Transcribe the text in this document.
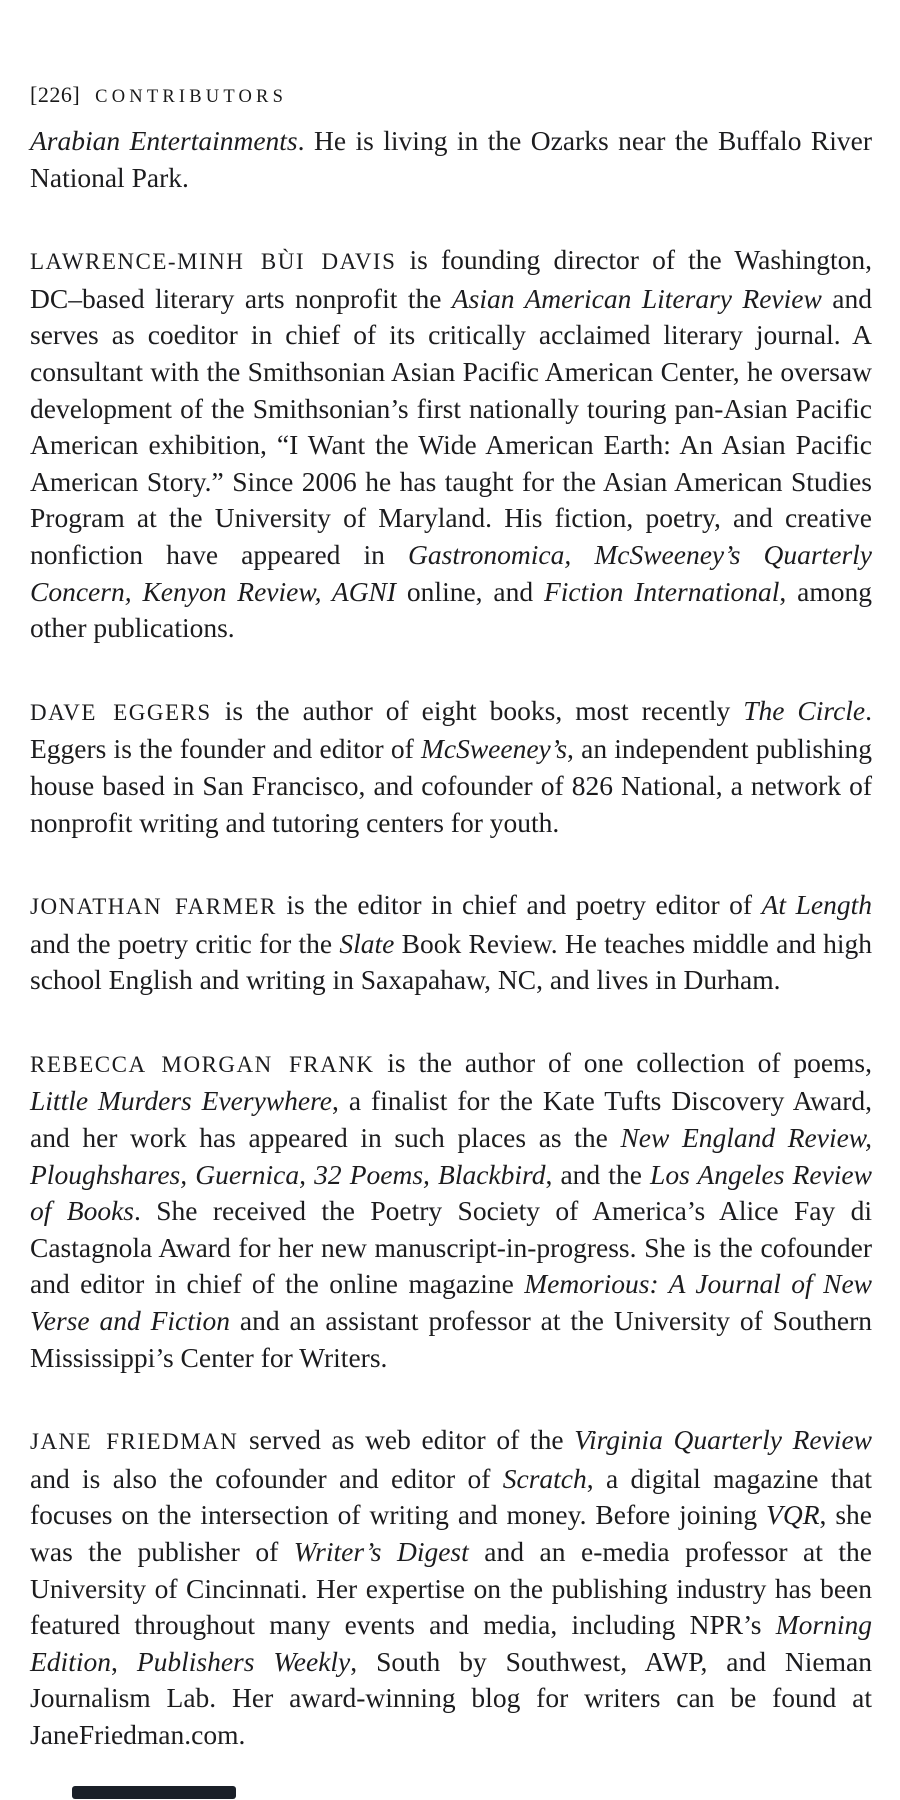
[226] CONTRIBUTORS

Arabian Entertainments. He is living in the Ozarks near the Buffalo River National Park.

LAWRENCE-MINH BÙI DAVIS is founding director of the Washington, DC–based literary arts nonprofit the Asian American Literary Review and serves as coeditor in chief of its critically acclaimed literary journal. A consultant with the Smithsonian Asian Pacific American Center, he oversaw development of the Smithsonian’s first nationally touring pan-Asian Pacific American exhibition, “I Want the Wide American Earth: An Asian Pacific American Story.” Since 2006 he has taught for the Asian American Studies Program at the University of Maryland. His fiction, poetry, and creative nonfiction have appeared in Gastronomica, McSweeney’s Quarterly Concern, Kenyon Review, AGNI online, and Fiction International, among other publications.

DAVE EGGERS is the author of eight books, most recently The Circle. Eggers is the founder and editor of McSweeney’s, an independent publishing house based in San Francisco, and cofounder of 826 National, a network of nonprofit writing and tutoring centers for youth.

JONATHAN FARMER is the editor in chief and poetry editor of At Length and the poetry critic for the Slate Book Review. He teaches middle and high school English and writing in Saxapahaw, NC, and lives in Durham.

REBECCA MORGAN FRANK is the author of one collection of poems, Little Murders Everywhere, a finalist for the Kate Tufts Discovery Award, and her work has appeared in such places as the New England Review, Ploughshares, Guernica, 32 Poems, Blackbird, and the Los Angeles Review of Books. She received the Poetry Society of America’s Alice Fay di Castagnola Award for her new manuscript-in-progress. She is the cofounder and editor in chief of the online magazine Memorious: A Journal of New Verse and Fiction and an assistant professor at the University of Southern Mississippi’s Center for Writers.

JANE FRIEDMAN served as web editor of the Virginia Quarterly Review and is also the cofounder and editor of Scratch, a digital magazine that focuses on the intersection of writing and money. Before joining VQR, she was the publisher of Writer’s Digest and an e-media professor at the University of Cincinnati. Her expertise on the publishing industry has been featured throughout many events and media, including NPR’s Morning Edition, Publishers Weekly, South by Southwest, AWP, and Nieman Journalism Lab. Her award-winning blog for writers can be found at JaneFriedman.com.
